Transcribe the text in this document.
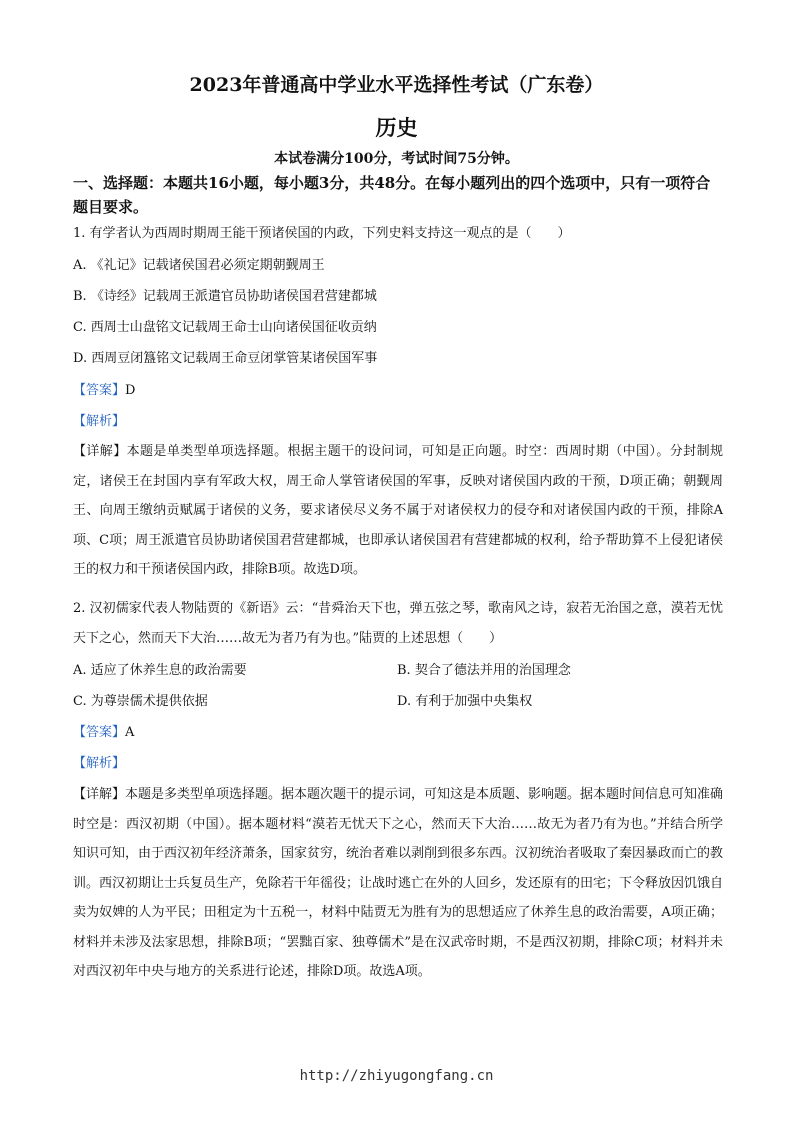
2023年普通高中学业水平选择性考试（广东卷）
历史
本试卷满分100分，考试时间75分钟。
一、选择题：本题共16小题，每小题3分，共48分。在每小题列出的四个选项中，只有一项符合题目要求。
1. 有学者认为西周时期周王能干预诸侯国的内政，下列史料支持这一观点的是（　　）
A. 《礼记》记载诸侯国君必须定期朝觐周王
B. 《诗经》记载周王派遣官员协助诸侯国君营建都城
C. 西周士山盘铭文记载周王命士山向诸侯国征收贡纳
D. 西周豆闭簋铭文记载周王命豆闭掌管某诸侯国军事
【答案】D
【解析】
【详解】本题是单类型单项选择题。根据主题干的设问词，可知是正向题。时空：西周时期（中国）。分封制规定，诸侯王在封国内享有军政大权，周王命人掌管诸侯国的军事，反映对诸侯国内政的干预，D项正确；朝觐周王、向周王缴纳贡赋属于诸侯的义务，要求诸侯尽义务不属于对诸侯权力的侵夺和对诸侯国内政的干预，排除A项、C项；周王派遣官员协助诸侯国君营建都城，也即承认诸侯国君有营建都城的权利，给予帮助算不上侵犯诸侯王的权力和干预诸侯国内政，排除B项。故选D项。
2. 汉初儒家代表人物陆贾的《新语》云：“昔舜治天下也，弹五弦之琴，歌南风之诗，寂若无治国之意，漠若无忧天下之心，然而天下大治……故无为者乃有为也。”陆贾的上述思想（　　）
A. 适应了休养生息的政治需要	B. 契合了德法并用的治国理念
C. 为尊崇儒术提供依据	D. 有利于加强中央集权
【答案】A
【解析】
【详解】本题是多类型单项选择题。据本题次题干的提示词，可知这是本质题、影响题。据本题时间信息可知准确时空是：西汉初期（中国）。据本题材料“漠若无忧天下之心，然而天下大治……故无为者乃有为也。”并结合所学知识可知，由于西汉初年经济萧条，国家贫穷，统治者难以剥削到很多东西。汉初统治者吸取了秦因暴政而亡的教训。西汉初期让士兵复员生产，免除若干年徭役；让战时逃亡在外的人回乡，发还原有的田宅；下令释放因饥饿自卖为奴婢的人为平民；田租定为十五税一，材料中陆贾无为胜有为的思想适应了休养生息的政治需要，A项正确；材料并未涉及法家思想，排除B项；“罢黜百家、独尊儒术”是在汉武帝时期，不是西汉初期，排除C项；材料并未对西汉初年中央与地方的关系进行论述，排除D项。故选A项。
http://zhiyugongfang.cn
